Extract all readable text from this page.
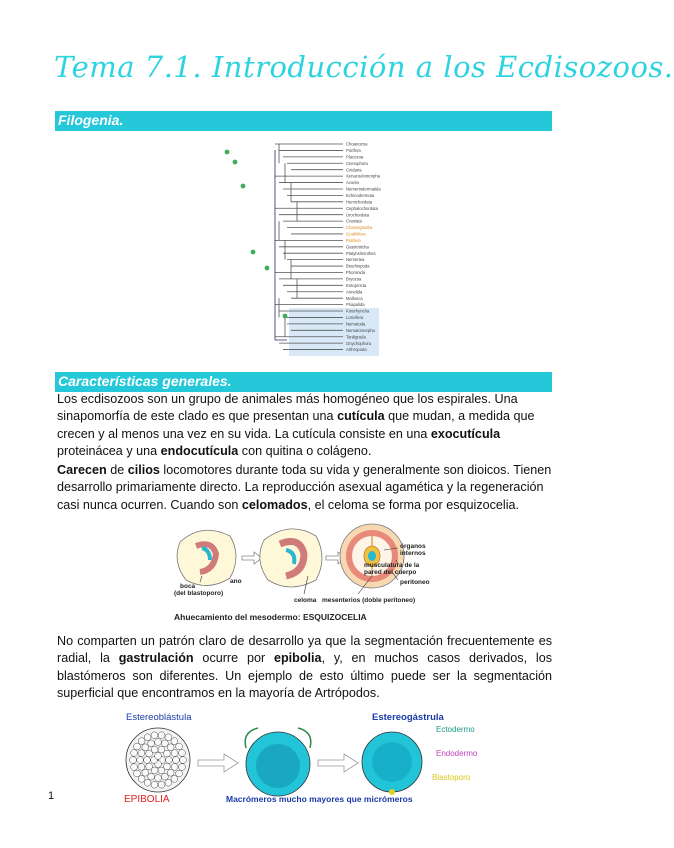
Tema 7.1. Introducción a los Ecdisozoos.
Filogenia.
Choanozoa
Porifera
Placozoa
Ctenophora
Cnidaria
Xenacoelomorpha
Acoela
Nemertodermatida
Echinodermata
Hemichordata
Cephalochordata
Urochordata
Craniata
Chaetognatha
Gnathifera
Rotifera
Gastrotricha
Platyhelminthes
Nemertea
Brachiopoda
Phoronida
Bryozoa
Entoprocta
Annelida
Mollusca
Priapulida
Kinorhyncha
Loricifera
Nematoda
Nematomorpha
Tardigrada
Onychophora
Arthropoda
Características generales.
Los ecdisozoos son un grupo de animales más homogéneo que los espirales. Una sinapomorfía de este clado es que presentan una cutícula que mudan, a medida que crecen y al menos una vez en su vida. La cutícula consiste en una exocutícula proteinácea y una endocutícula con quitina o colágeno.
Carecen de cilios locomotores durante toda su vida y generalmente son dioicos. Tienen desarrollo primariamente directo. La reproducción asexual agamética y la regeneración casi nunca ocurren. Cuando son celomados, el celoma se forma por esquizocelia.
órganos
internos
musculatura de la
pared del cuerpo
peritoneo
boca
(del blastoporo)
ano
celoma mesenterios (doble peritoneo)
Ahuecamiento del mesodermo: ESQUIZOCELIA
No comparten un patrón claro de desarrollo ya que la segmentación frecuentemente es radial, la gastrulación ocurre por epibolia, y, en muchos casos derivados, los blastómeros son diferentes. Un ejemplo de esto último puede ser la segmentación superficial que encontramos en la mayoría de Artrópodos.
Estereoblástula	Estereogástrula
Ectodermo
Endodermo
Blastoporo
EPIBOLIA	Macrómeros mucho mayores que micrómeros
1
